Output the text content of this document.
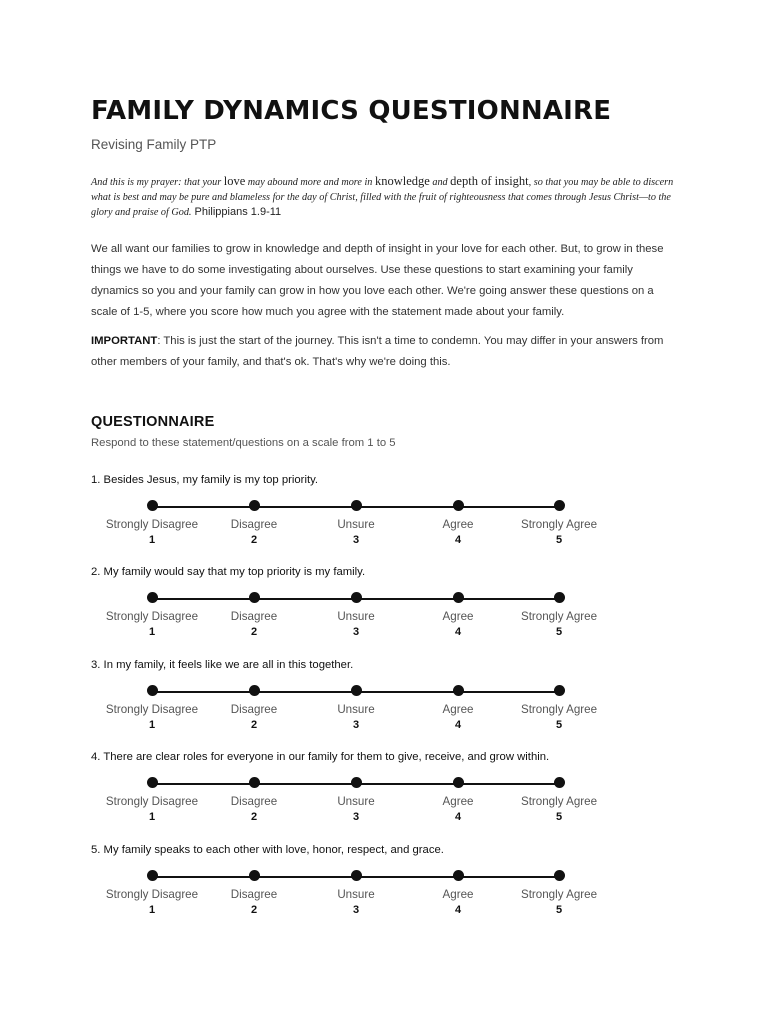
FAMILY DYNAMICS QUESTIONNAIRE
Revising Family PTP
And this is my prayer: that your love may abound more and more in knowledge and depth of insight, so that you may be able to discern what is best and may be pure and blameless for the day of Christ, filled with the fruit of righteousness that comes through Jesus Christ—to the glory and praise of God. Philippians 1.9-11
We all want our families to grow in knowledge and depth of insight in your love for each other. But, to grow in these things we have to do some investigating about ourselves. Use these questions to start examining your family dynamics so you and your family can grow in how you love each other. We're going answer these questions on a scale of 1-5, where you score how much you agree with the statement made about your family.
IMPORTANT: This is just the start of the journey. This isn't a time to condemn. You may differ in your answers from other members of your family, and that's ok. That's why we're doing this.
QUESTIONNAIRE
Respond to these statement/questions on a scale from 1 to 5
1. Besides Jesus, my family is my top priority.
Strongly Disagree
1
Disagree
2
Unsure
3
Agree
4
Strongly Agree
5
2. My family would say that my top priority is my family.
Strongly Disagree
1
Disagree
2
Unsure
3
Agree
4
Strongly Agree
5
3. In my family, it feels like we are all in this together.
Strongly Disagree
1
Disagree
2
Unsure
3
Agree
4
Strongly Agree
5
4. There are clear roles for everyone in our family for them to give, receive, and grow within.
Strongly Disagree
1
Disagree
2
Unsure
3
Agree
4
Strongly Agree
5
5. My family speaks to each other with love, honor, respect, and grace.
Strongly Disagree
1
Disagree
2
Unsure
3
Agree
4
Strongly Agree
5
